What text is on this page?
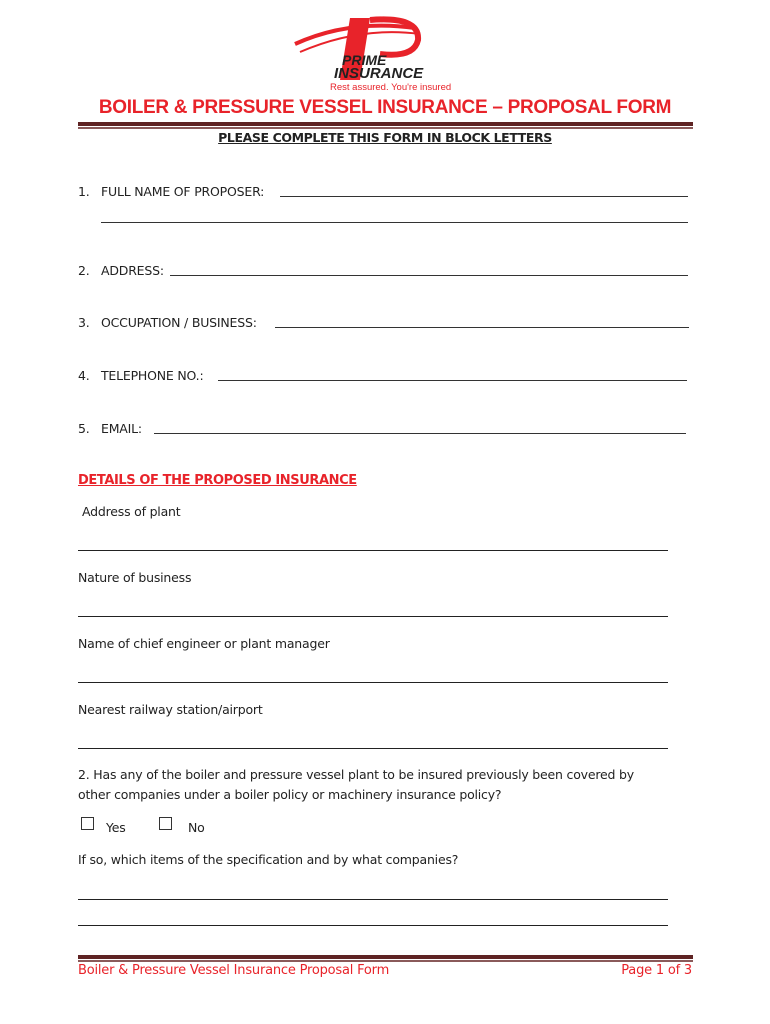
PRIME
INSURANCE
Rest assured. You're insured
BOILER & PRESSURE VESSEL INSURANCE – PROPOSAL FORM
PLEASE COMPLETE THIS FORM IN BLOCK LETTERS
1. FULL NAME OF PROPOSER:
2. ADDRESS:
3. OCCUPATION / BUSINESS:
4. TELEPHONE NO.:
5. EMAIL:
DETAILS OF THE PROPOSED INSURANCE
Address of plant
Nature of business
Name of chief engineer or plant manager
Nearest railway station/airport
2. Has any of the boiler and pressure vessel plant to be insured previously been covered by
other companies under a boiler policy or machinery insurance policy?
Yes	No
If so, which items of the specification and by what companies?
Boiler & Pressure Vessel Insurance Proposal Form	Page 1 of 3
